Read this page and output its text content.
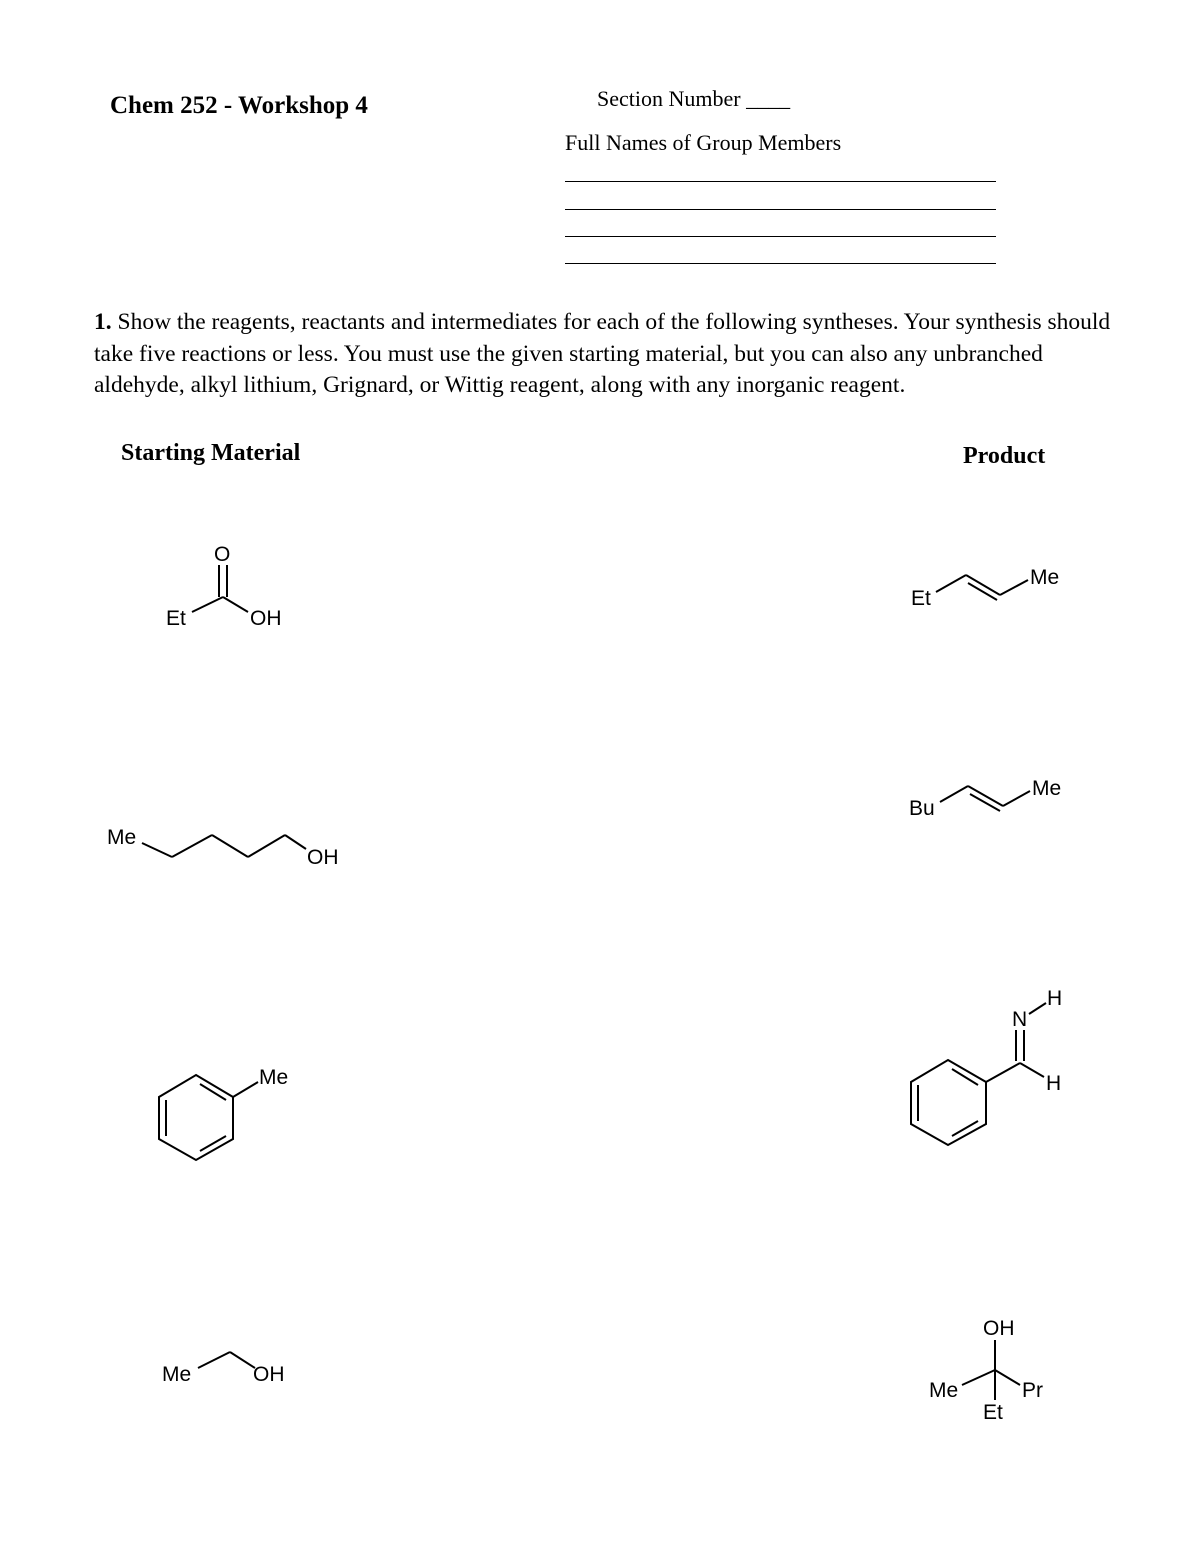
Chem 252 - Workshop 4	Section Number ____
Full Names of Group Members
1. Show the reagents, reactants and intermediates for each of the following syntheses. Your synthesis should take five reactions or less. You must use the given starting material, but you can also any unbranched aldehyde, alkyl lithium, Grignard, or Wittig reagent, along with any inorganic reagent.
Starting Material	Product
O
Et	OH
Et
Me
Me
OH
Bu
Me
Me
N
H
H
Me	OH
OH
Me	Pr
Et
